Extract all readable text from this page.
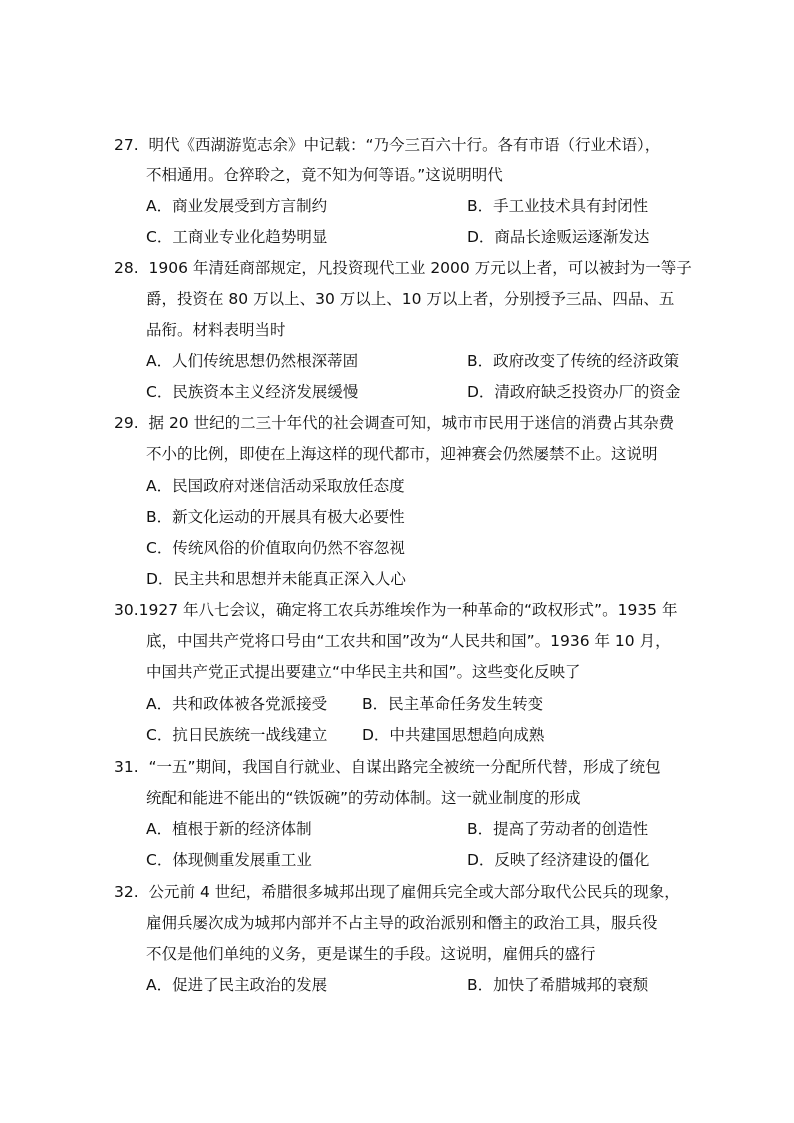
27. 明代《西湖游览志余》中记载：“乃今三百六十行。各有市语（行业术语），
不相通用。仓猝聆之，竟不知为何等语。”这说明明代
A．商业发展受到方言制约	B．手工业技术具有封闭性
C．工商业专业化趋势明显	D．商品长途贩运逐渐发达
28. 1906 年清廷商部规定，凡投资现代工业 2000 万元以上者，可以被封为一等子
爵，投资在 80 万以上、30 万以上、10 万以上者，分别授予三品、四品、五
品衔。材料表明当时
A．人们传统思想仍然根深蒂固	B．政府改变了传统的经济政策
C．民族资本主义经济发展缓慢	D．清政府缺乏投资办厂的资金
29. 据 20 世纪的二三十年代的社会调查可知，城市市民用于迷信的消费占其杂费
不小的比例，即使在上海这样的现代都市，迎神赛会仍然屡禁不止。这说明
A．民国政府对迷信活动采取放任态度
B．新文化运动的开展具有极大必要性
C．传统风俗的价值取向仍然不容忽视
D．民主共和思想并未能真正深入人心
30.1927 年八七会议，确定将工农兵苏维埃作为一种革命的“政权形式”。1935 年
底，中国共产党将口号由“工农共和国”改为“人民共和国”。1936 年 10 月，
中国共产党正式提出要建立“中华民主共和国”。这些变化反映了
A．共和政体被各党派接受 B．民主革命任务发生转变
C．抗日民族统一战线建立 D．中共建国思想趋向成熟
31. “一五”期间，我国自行就业、自谋出路完全被统一分配所代替，形成了统包
统配和能进不能出的“铁饭碗”的劳动体制。这一就业制度的形成
A．植根于新的经济体制	B．提高了劳动者的创造性
C．体现侧重发展重工业	D．反映了经济建设的僵化
32. 公元前 4 世纪，希腊很多城邦出现了雇佣兵完全或大部分取代公民兵的现象，
雇佣兵屡次成为城邦内部并不占主导的政治派别和僭主的政治工具，服兵役
不仅是他们单纯的义务，更是谋生的手段。这说明，雇佣兵的盛行
A．促进了民主政治的发展	B．加快了希腊城邦的衰颓
